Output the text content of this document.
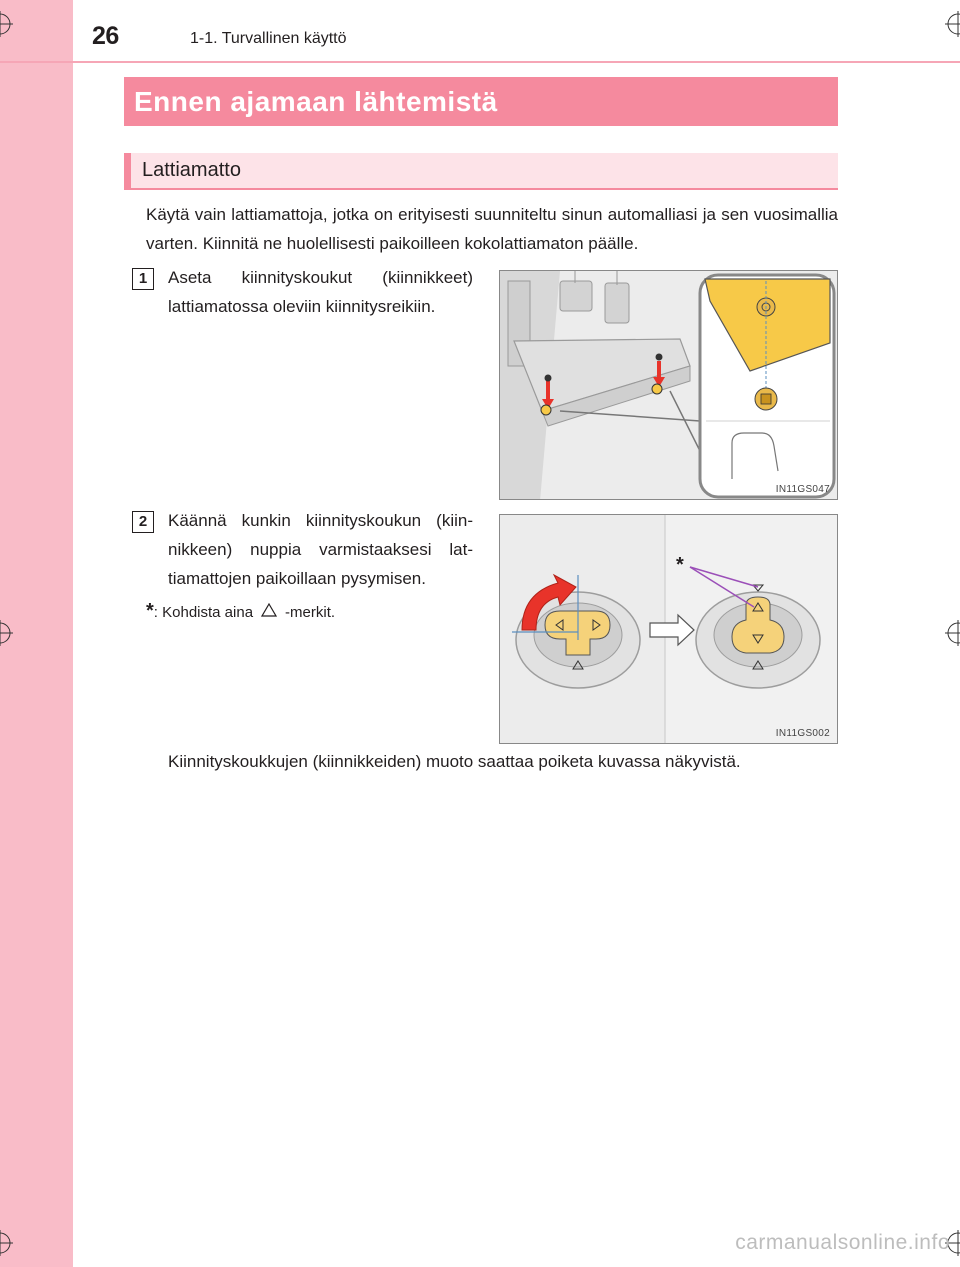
26	1-1. Turvallinen käyttö
Ennen ajamaan lähtemistä
Lattiamatto

Käytä vain lattiamattoja, jotka on erityisesti suunniteltu sinun automalliasi ja sen vuosimallia varten. Kiinnitä ne huolellisesti paikoilleen kokolattiamaton päälle.

1	Aseta kiinnityskoukut (kiinnikkeet) lattiamatossa oleviin kiinnitysreikiin.

IN11GS047
2	Käännä kunkin kiinnityskoukun (kiin-nikkeen) nuppia varmistaaksesi lat-tiamattojen paikoillaan pysymisen.

*: Kohdista aina -merkit.
*
IN11GS002

Kiinnityskoukkujen (kiinnikkeiden) muoto saattaa poiketa kuvassa näkyvistä.

carmanualsonline.info
